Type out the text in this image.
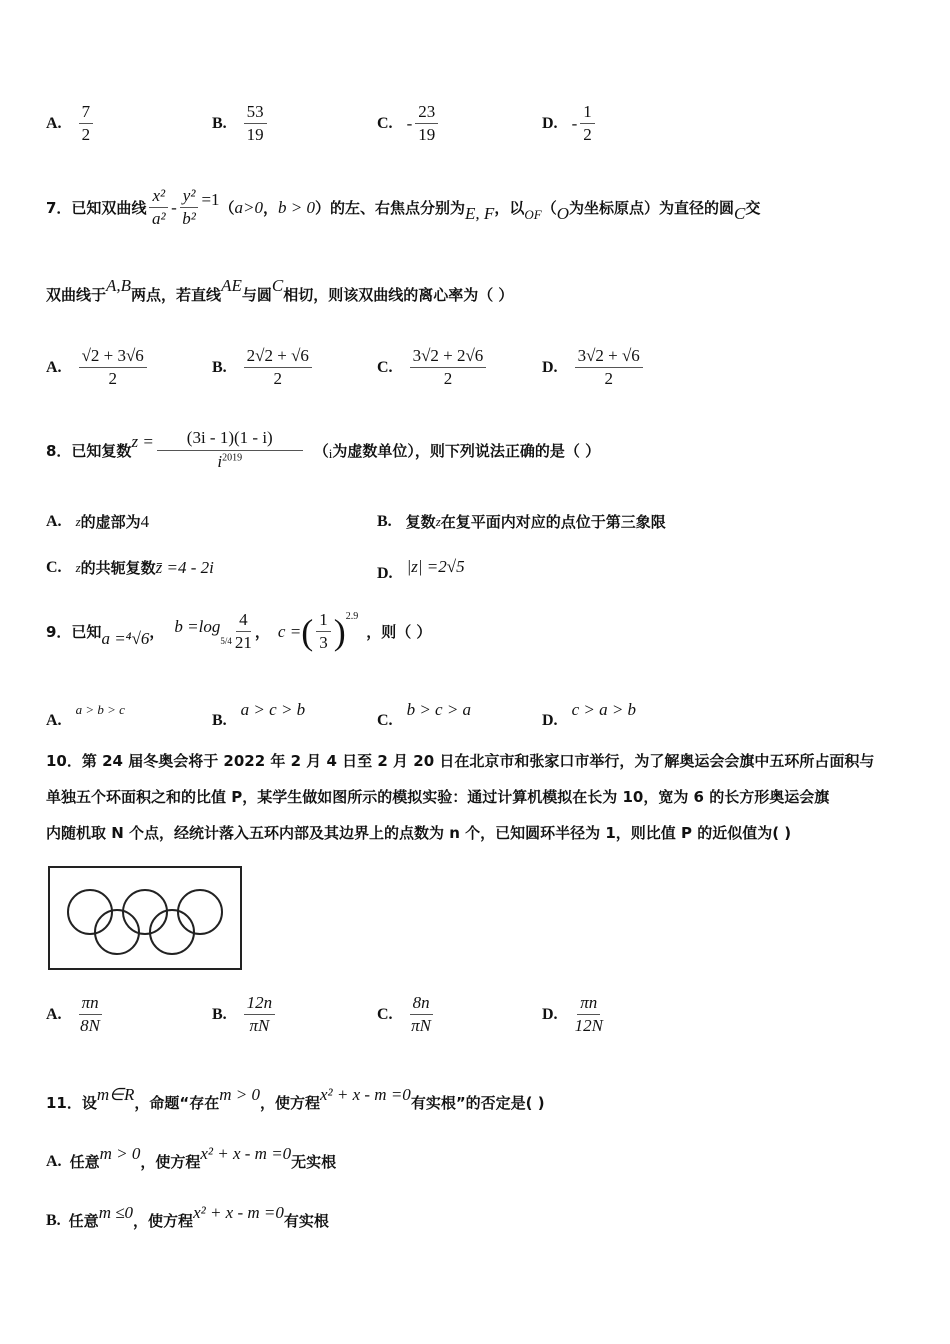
A. $\frac{7}{2}$	B. $\frac{53}{19}$	C. - $\frac{23}{19}$	D. - $\frac{1}{2}$
7．已知双曲线 $\frac{\text{x²}}{\text{a²}} - \frac{\text{y²}}{\text{b²}} =1$ （ a>0 ， b > 0 ）的左、右焦点分别为 E, F ，以 OF （ O 为坐标原点）为直径的圆 C 交
双曲线于
A,B
两点，若直线
AE
与圆
C
相切，则该双曲线的离心率为（ ）
A. $\frac{√2 + 3√6}{2}$	B. $\frac{2√2 + √6}{2}$	C. $\frac{3√2 + 2√6}{2}$	D. $\frac{3√2 + √6}{2}$
8．已知复数 $z = \frac{(3i - 1)(1 - i)}{i^{2019}}$ （ i 为虚数单位），则下列说法正确的是（ ）
A. z 的虚部为 4	B. 复数 z 在复平面内对应的点位于第三象限
C. z 的共轭复数 z̄ =4 - 2i	D. |z| =2√5
9．已知 a =⁴√6 ， b =log
$5/4 \frac{4}{21}$ ， c = ( $\frac{1}{3}$ ) 2.9
，则（ ）
A.
a > b > c
B.
a > c > b
C.
b > c > a
D.
c > a > b
10．第 24 届冬奥会将于 2022 年 2 月 4 日至 2 月 20 日在北京市和张家口市举行，为了解奥运会会旗中五环所占面积与
单独五个环面积之和的比值 P，某学生做如图所示的模拟实验：通过计算机模拟在长为 10，宽为 6 的长方形奥运会旗
内随机取 N 个点，经统计落入五环内部及其边界上的点数为 n 个，已知圆环半径为 1，则比值 P 的近似值为( )
A. $\frac{\pi n}{8N}$	B. $\frac{12n}{\pi N}$	C. $\frac{8n}{\pi N}$	D. $\frac{\pi n}{12N}$
11．设 m∈R ，命题“存在 m > 0 ，使方程 x² + x - m =0 有实根”的否定是( )
A. 任意 m > 0 ，使方程 x² + x - m =0 无实根
B. 任意 m ≤0 ，使方程 x² + x - m =0 有实根
